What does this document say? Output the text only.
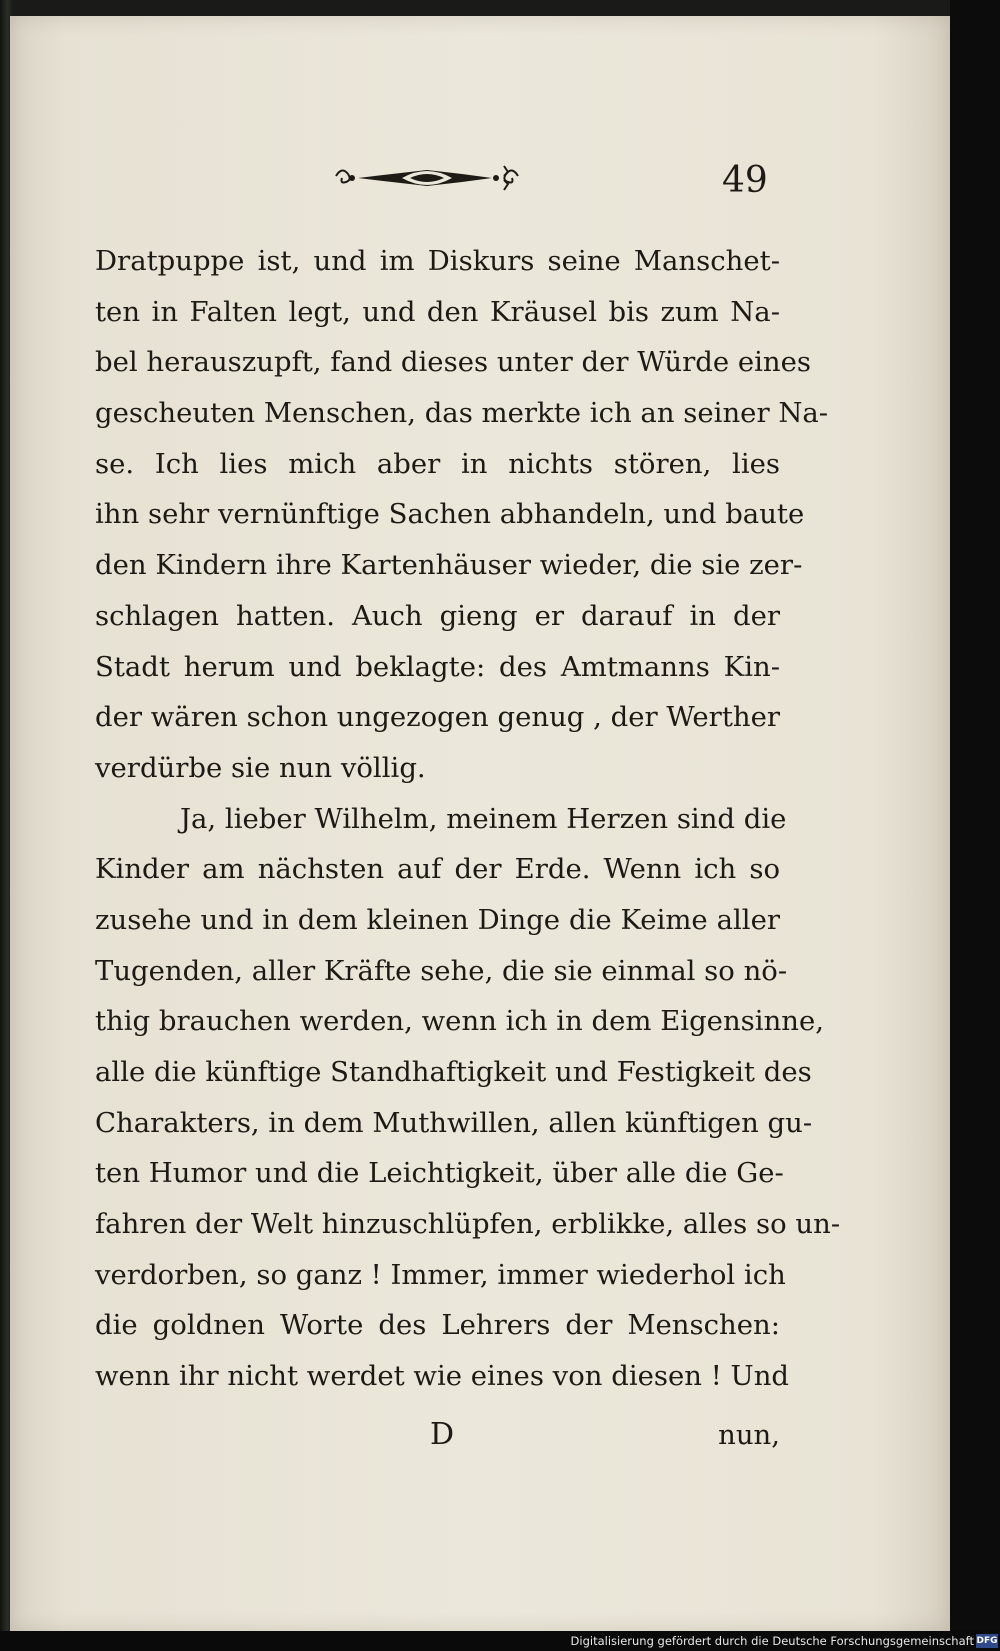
49
Dratpuppe ist, und im Diskurs seine Manschet-
ten in Falten legt, und den Kräusel bis zum Na-
bel herauszupft, fand dieses unter der Würde eines
gescheuten Menschen, das merkte ich an seiner Na-
se. Ich lies mich aber in nichts stören, lies
ihn sehr vernünftige Sachen abhandeln, und baute
den Kindern ihre Kartenhäuser wieder, die sie zer-
schlagen hatten. Auch gieng er darauf in der
Stadt herum und beklagte: des Amtmanns Kin-
der wären schon ungezogen genug , der Werther
verdürbe sie nun völlig.
Ja, lieber Wilhelm, meinem Herzen sind die
Kinder am nächsten auf der Erde. Wenn ich so
zusehe und in dem kleinen Dinge die Keime aller
Tugenden, aller Kräfte sehe, die sie einmal so nö-
thig brauchen werden, wenn ich in dem Eigensinne,
alle die künftige Standhaftigkeit und Festigkeit des
Charakters, in dem Muthwillen, allen künftigen gu-
ten Humor und die Leichtigkeit, über alle die Ge-
fahren der Welt hinzuschlüpfen, erblikke, alles so un-
verdorben, so ganz ! Immer, immer wiederhol ich
die goldnen Worte des Lehrers der Menschen:
wenn ihr nicht werdet wie eines von diesen ! Und
D	nun,
Digitalisierung gefördert durch die Deutsche Forschungsgemeinschaft DFG
